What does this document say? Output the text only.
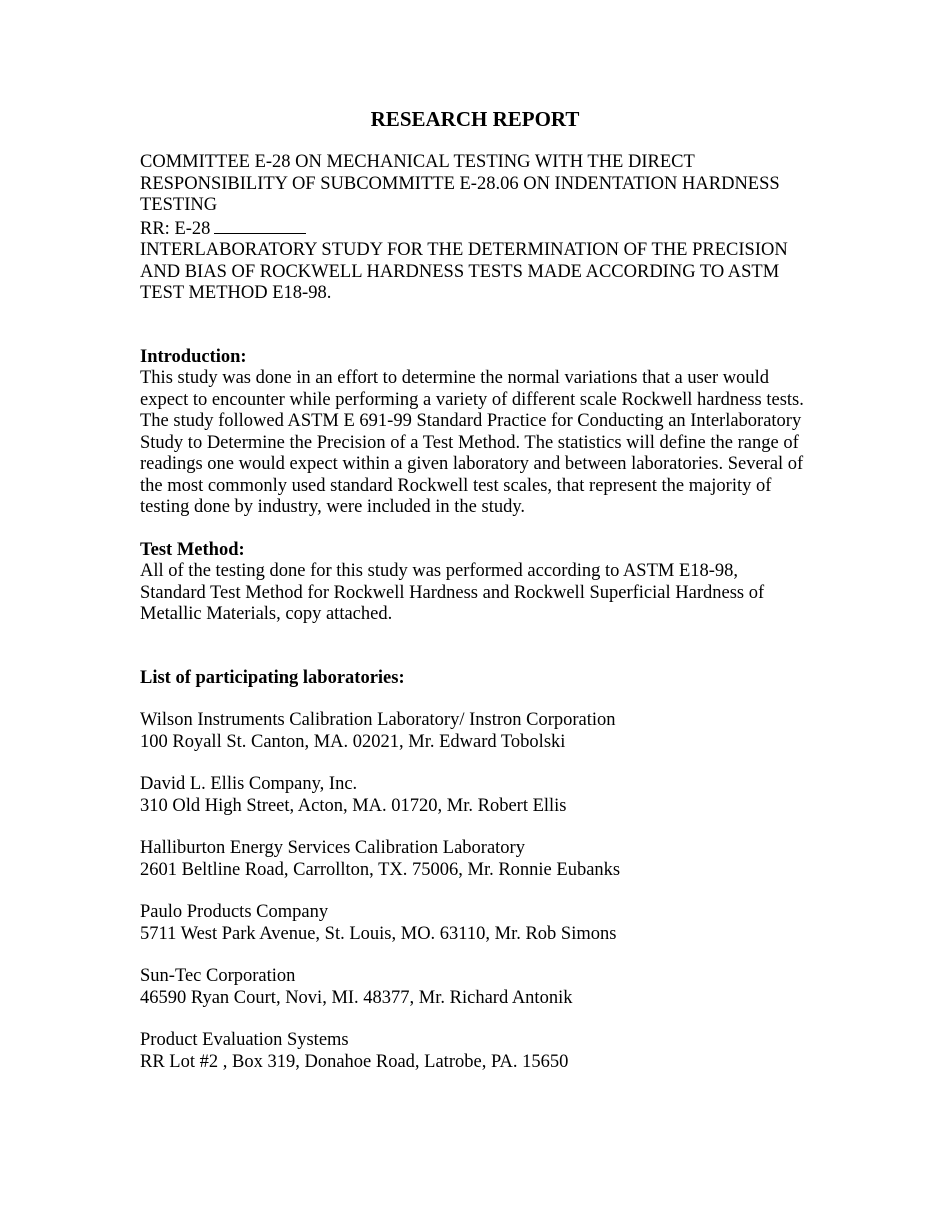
RESEARCH REPORT
COMMITTEE E-28 ON MECHANICAL TESTING WITH THE DIRECT
RESPONSIBILITY OF SUBCOMMITTE E-28.06 ON INDENTATION HARDNESS
TESTING
RR: E-28
INTERLABORATORY STUDY FOR THE DETERMINATION OF THE PRECISION
AND BIAS OF ROCKWELL HARDNESS TESTS MADE ACCORDING TO ASTM
TEST METHOD E18-98.
Introduction:
This study was done in an effort to determine the normal variations that a user would
expect to encounter while performing a variety of different scale Rockwell hardness tests.
The study followed ASTM E 691-99 Standard Practice for Conducting an Interlaboratory
Study to Determine the Precision of a Test Method. The statistics will define the range of
readings one would expect within a given laboratory and between laboratories. Several of
the most commonly used standard Rockwell test scales, that represent the majority of
testing done by industry, were included in the study.
Test Method:
All of the testing done for this study was performed according to ASTM E18-98,
Standard Test Method for Rockwell Hardness and Rockwell Superficial Hardness of
Metallic Materials, copy attached.
List of participating laboratories:
Wilson Instruments Calibration Laboratory/ Instron Corporation
100 Royall St. Canton, MA. 02021, Mr. Edward Tobolski
David L. Ellis Company, Inc.
310 Old High Street, Acton, MA. 01720, Mr. Robert Ellis
Halliburton Energy Services Calibration Laboratory
2601 Beltline Road, Carrollton, TX. 75006, Mr. Ronnie Eubanks
Paulo Products Company
5711 West Park Avenue, St. Louis, MO. 63110, Mr. Rob Simons
Sun-Tec Corporation
46590 Ryan Court, Novi, MI. 48377, Mr. Richard Antonik
Product Evaluation Systems
RR Lot #2 , Box 319, Donahoe Road, Latrobe, PA. 15650
